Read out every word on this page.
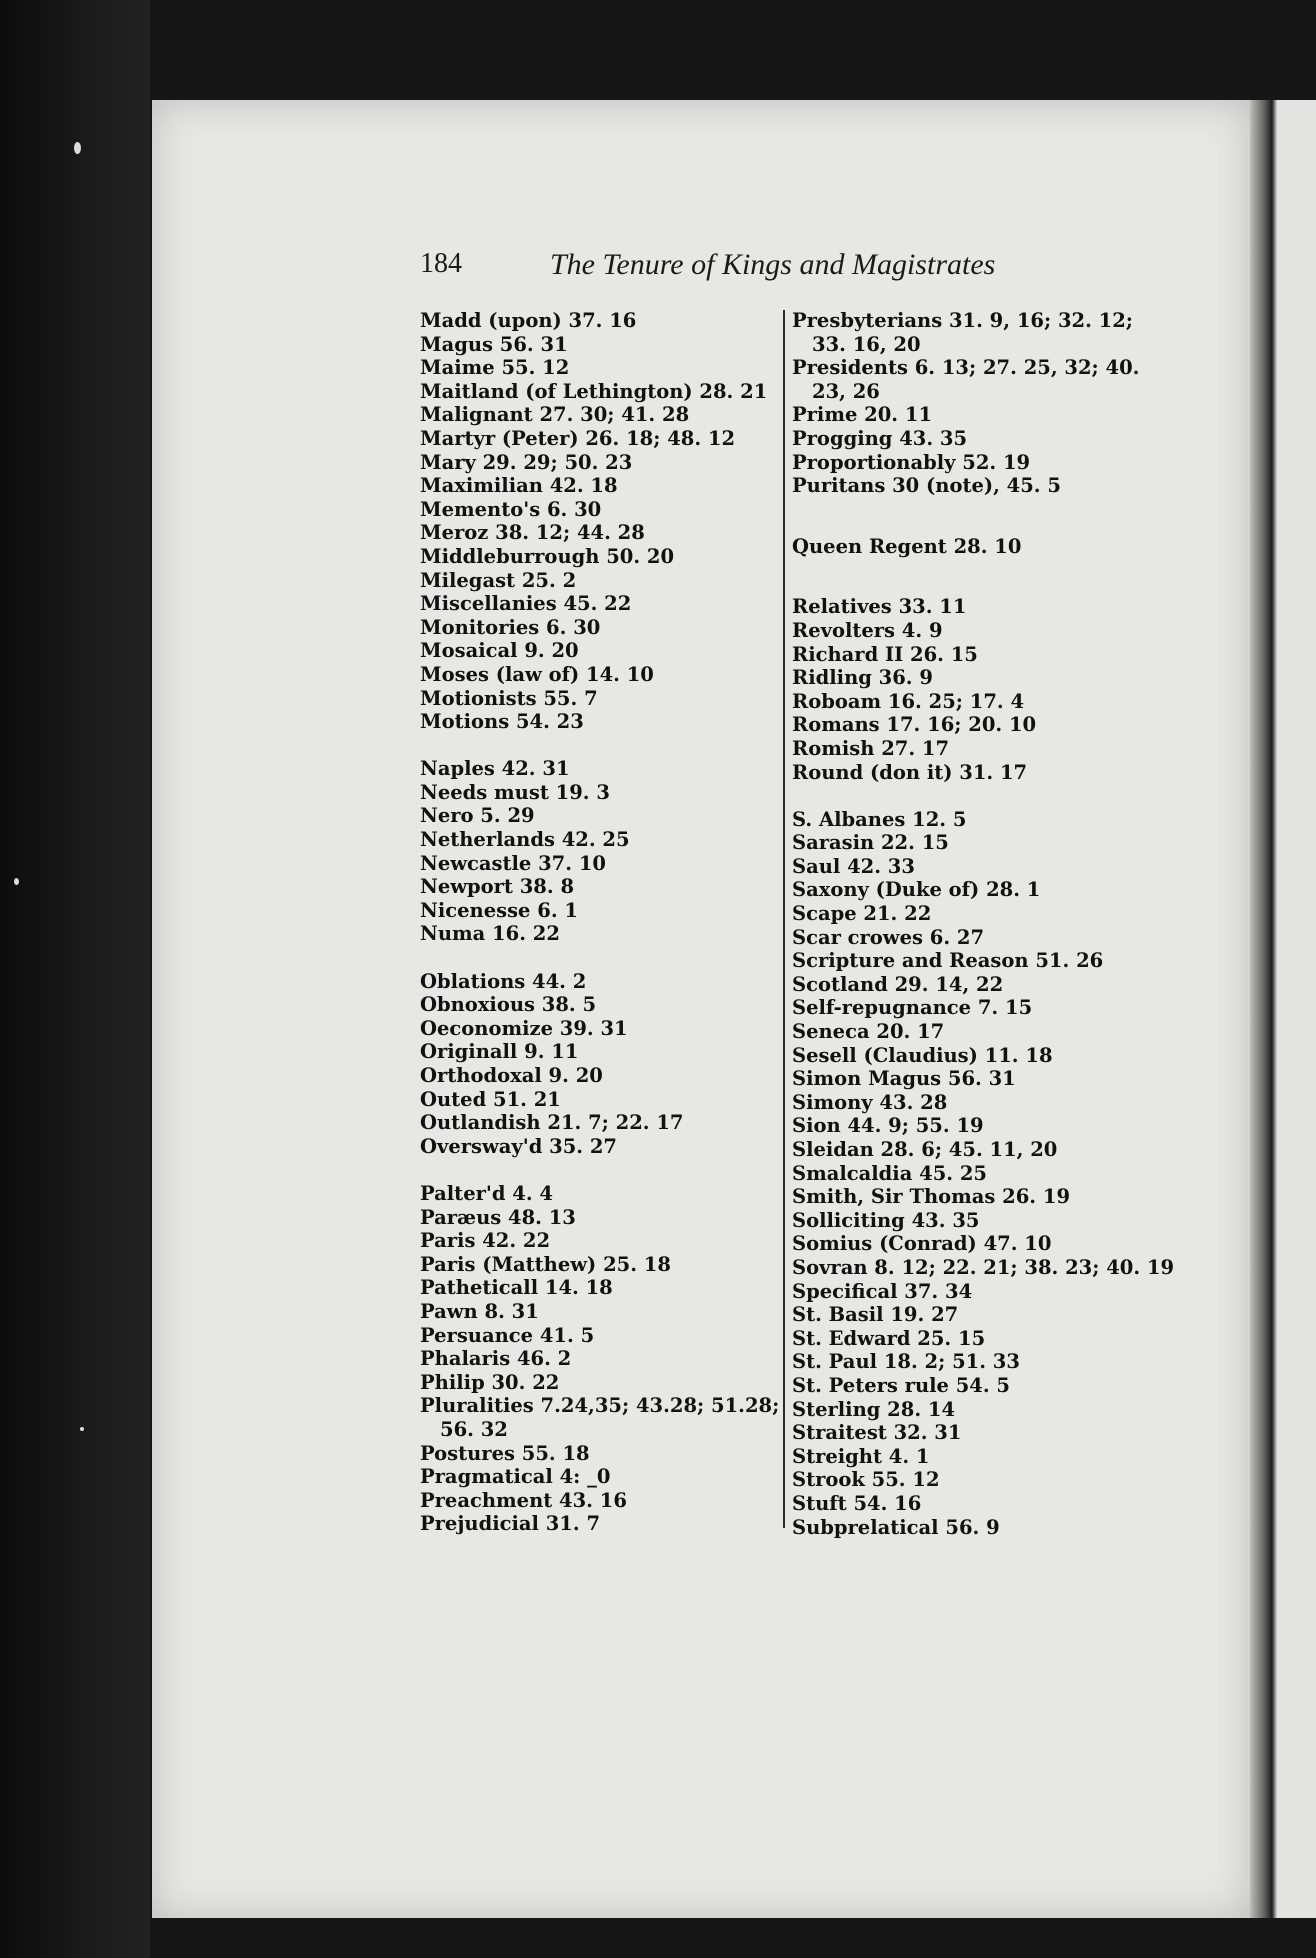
184	The Tenure of Kings and Magistrates
Madd (upon) 37. 16
Magus 56. 31
Maime 55. 12
Maitland (of Lethington) 28. 21
Malignant 27. 30; 41. 28
Martyr (Peter) 26. 18; 48. 12
Mary 29. 29; 50. 23
Maximilian 42. 18
Memento's 6. 30
Meroz 38. 12; 44. 28
Middleburrough 50. 20
Milegast 25. 2
Miscellanies 45. 22
Monitories 6. 30
Mosaical 9. 20
Moses (law of) 14. 10
Motionists 55. 7
Motions 54. 23
Naples 42. 31
Needs must 19. 3
Nero 5. 29
Netherlands 42. 25
Newcastle 37. 10
Newport 38. 8
Nicenesse 6. 1
Numa 16. 22
Oblations 44. 2
Obnoxious 38. 5
Oeconomize 39. 31
Originall 9. 11
Orthodoxal 9. 20
Outed 51. 21
Outlandish 21. 7; 22. 17
Oversway'd 35. 27
Palter'd 4. 4
Paræus 48. 13
Paris 42. 22
Paris (Matthew) 25. 18
Patheticall 14. 18
Pawn 8. 31
Persuance 41. 5
Phalaris 46. 2
Philip 30. 22
Pluralities 7.24,35; 43.28; 51.28;
56. 32
Postures 55. 18
Pragmatical 4: _0
Preachment 43. 16
Prejudicial 31. 7
Presbyterians 31. 9, 16; 32. 12;
33. 16, 20
Presidents 6. 13; 27. 25, 32; 40.
23, 26
Prime 20. 11
Progging 43. 35
Proportionably 52. 19
Puritans 30 (note), 45. 5
Queen Regent 28. 10
Relatives 33. 11
Revolters 4. 9
Richard II 26. 15
Ridling 36. 9
Roboam 16. 25; 17. 4
Romans 17. 16; 20. 10
Romish 27. 17
Round (don it) 31. 17
S. Albanes 12. 5
Sarasin 22. 15
Saul 42. 33
Saxony (Duke of) 28. 1
Scape 21. 22
Scar crowes 6. 27
Scripture and Reason 51. 26
Scotland 29. 14, 22
Self-repugnance 7. 15
Seneca 20. 17
Sesell (Claudius) 11. 18
Simon Magus 56. 31
Simony 43. 28
Sion 44. 9; 55. 19
Sleidan 28. 6; 45. 11, 20
Smalcaldia 45. 25
Smith, Sir Thomas 26. 19
Solliciting 43. 35
Somius (Conrad) 47. 10
Sovran 8. 12; 22. 21; 38. 23; 40. 19
Specifical 37. 34
St. Basil 19. 27
St. Edward 25. 15
St. Paul 18. 2; 51. 33
St. Peters rule 54. 5
Sterling 28. 14
Straitest 32. 31
Streight 4. 1
Strook 55. 12
Stuft 54. 16
Subprelatical 56. 9
